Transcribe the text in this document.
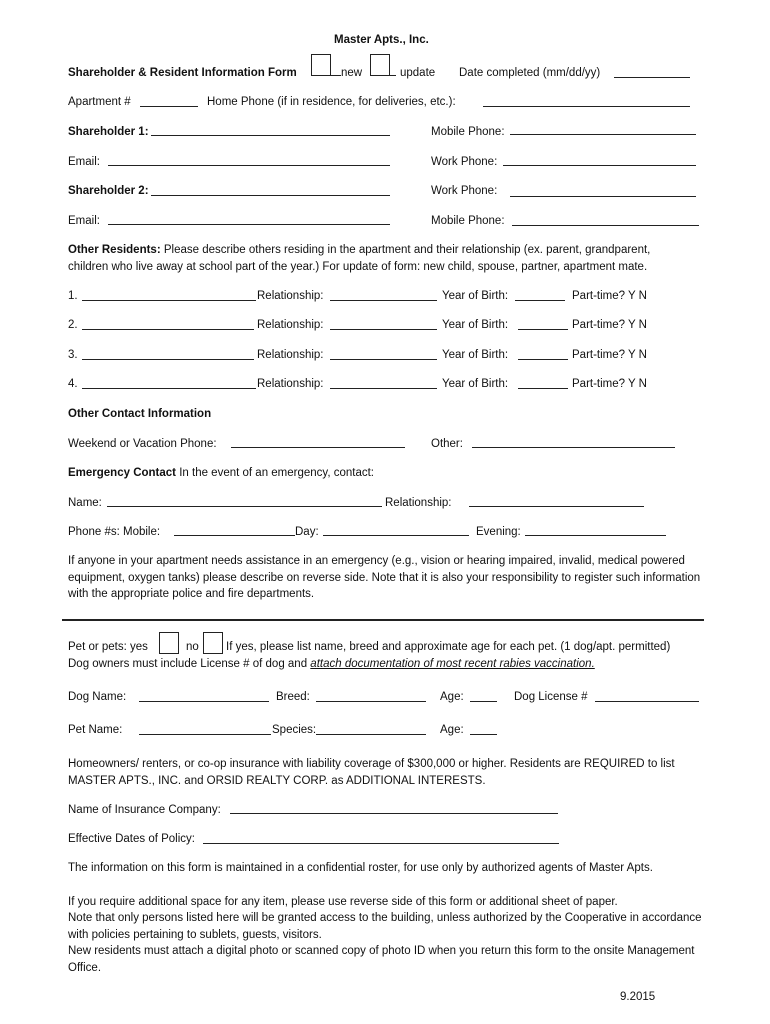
Master Apts., Inc.
Shareholder & Resident Information Form	new	update Date completed (mm/dd/yy)
Apartment #	Home Phone (if in residence, for deliveries, etc.):
Shareholder 1:	Mobile Phone:
Email:	Work Phone:
Shareholder 2:	Work Phone:
Email:	Mobile Phone:
Other Residents: Please describe others residing in the apartment and their relationship (ex. parent, grandparent,
children who live away at school part of the year.) For update of form: new child, spouse, partner, apartment mate.
1.	Relationship:	Year of Birth:	Part-time? Y N
2.	Relationship:	Year of Birth:	Part-time? Y N
3.	Relationship:	Year of Birth:	Part-time? Y N
4.	Relationship:	Year of Birth:	Part-time? Y N
Other Contact Information
Weekend or Vacation Phone:	Other:
Emergency Contact In the event of an emergency, contact:
Name:	Relationship:
Phone #s: Mobile:	Day:	Evening:
If anyone in your apartment needs assistance in an emergency (e.g., vision or hearing impaired, invalid, medical powered equipment, oxygen tanks) please describe on reverse side. Note that it is also your responsibility to register such information with the appropriate police and fire departments.
Pet or pets: yes	no If yes, please list name, breed and approximate age for each pet. (1 dog/apt. permitted)
Dog owners must include License # of dog and attach documentation of most recent rabies vaccination.
Dog Name:	Breed:	Age:	Dog License #
Pet Name:	Species:	Age:
Homeowners/ renters, or co-op insurance with liability coverage of $300,000 or higher. Residents are REQUIRED to list MASTER APTS., INC. and ORSID REALTY CORP. as ADDITIONAL INTERESTS.
Name of Insurance Company:
Effective Dates of Policy:
The information on this form is maintained in a confidential roster, for use only by authorized agents of Master Apts.
If you require additional space for any item, please use reverse side of this form or additional sheet of paper.
Note that only persons listed here will be granted access to the building, unless authorized by the Cooperative in accordance with policies pertaining to sublets, guests, visitors.
New residents must attach a digital photo or scanned copy of photo ID when you return this form to the onsite Management Office.
9.2015
